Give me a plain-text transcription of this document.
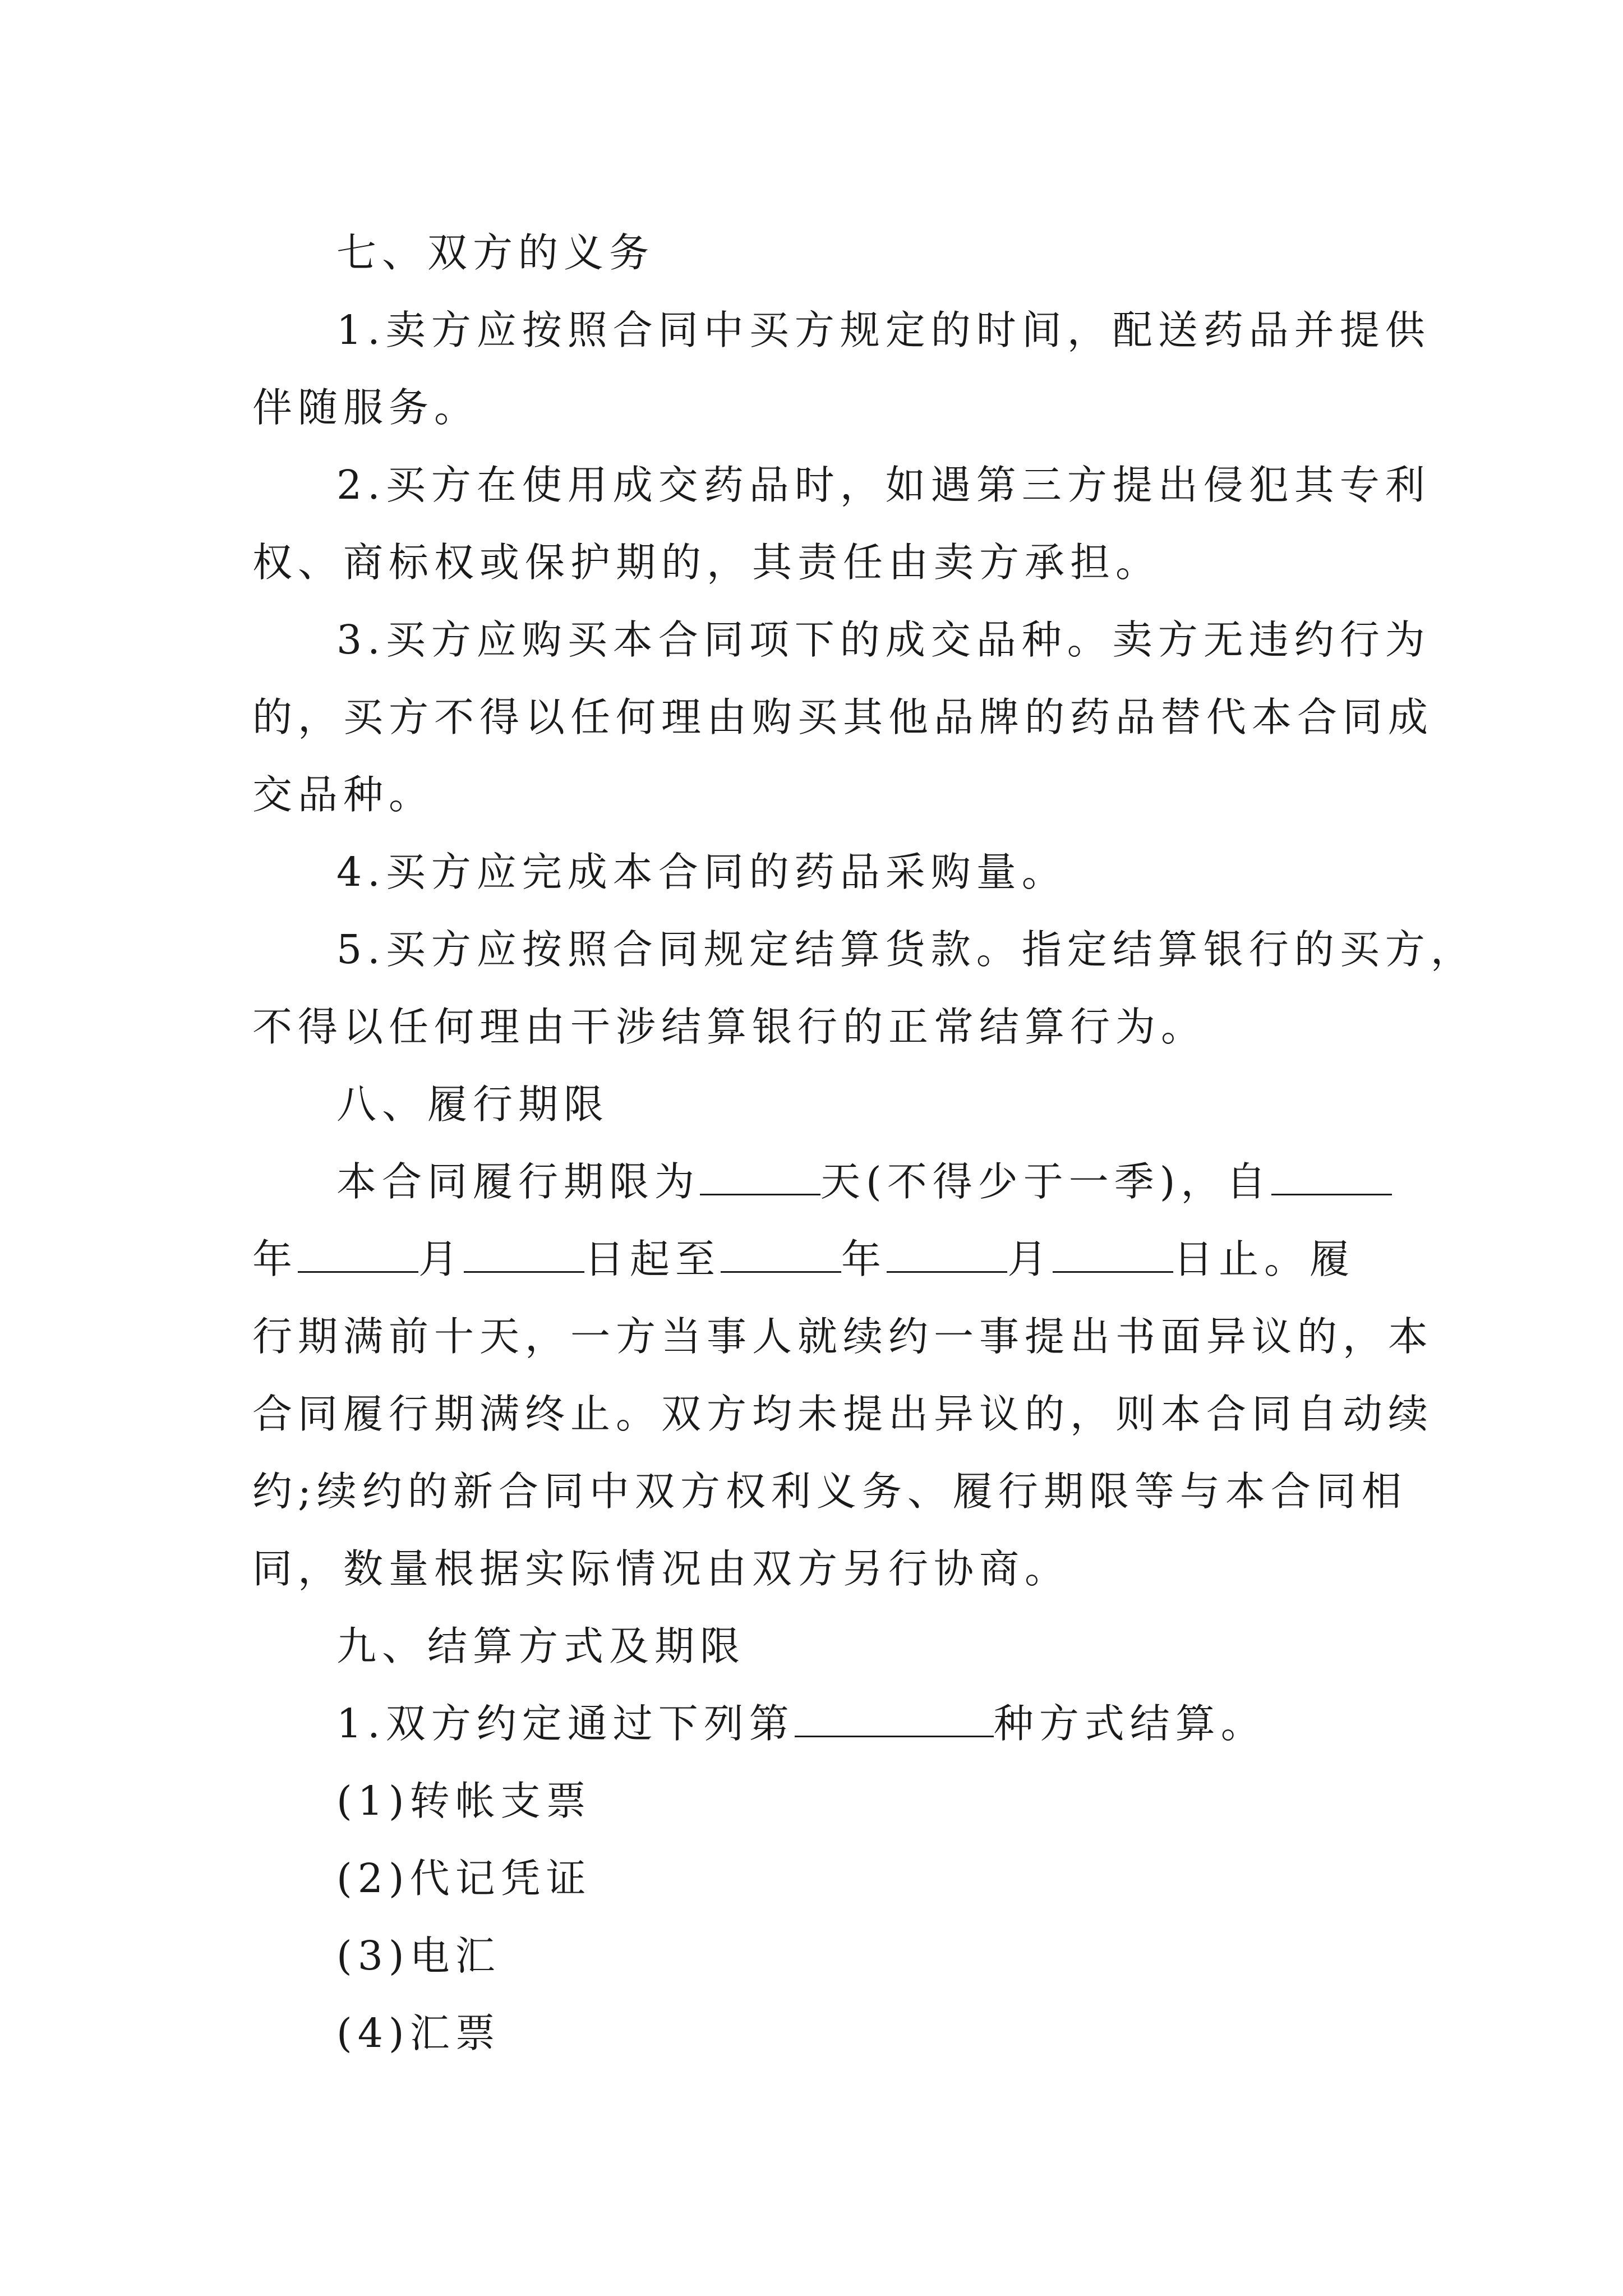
七、双方的义务
1.卖方应按照合同中买方规定的时间，配送药品并提供
伴随服务。
2.买方在使用成交药品时，如遇第三方提出侵犯其专利
权、商标权或保护期的，其责任由卖方承担。
3.买方应购买本合同项下的成交品种。卖方无违约行为
的，买方不得以任何理由购买其他品牌的药品替代本合同成
交品种。
4.买方应完成本合同的药品采购量。
5.买方应按照合同规定结算货款。指定结算银行的买方，
不得以任何理由干涉结算银行的正常结算行为。
八、履行期限
本合同履行期限为	天(不得少于一季)，自
年	月	日起至	年	月	日止。履
行期满前十天，一方当事人就续约一事提出书面异议的，本
合同履行期满终止。双方均未提出异议的，则本合同自动续
约;续约的新合同中双方权利义务、履行期限等与本合同相
同，数量根据实际情况由双方另行协商。
九、结算方式及期限
1.双方约定通过下列第	种方式结算。
(1)转帐支票
(2)代记凭证
(3)电汇
(4)汇票
